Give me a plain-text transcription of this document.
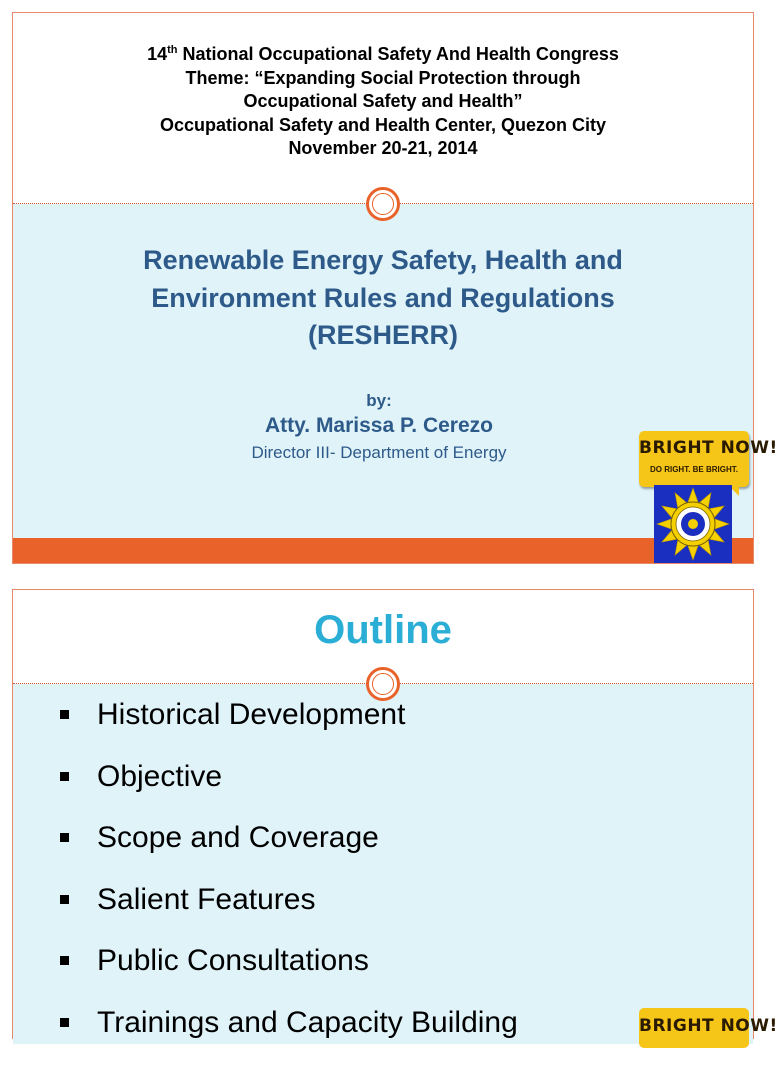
14th National Occupational Safety And Health Congress
Theme: “Expanding Social Protection through
Occupational Safety and Health”
Occupational Safety and Health Center, Quezon City
November 20-21, 2014
Renewable Energy Safety, Health and
Environment Rules and Regulations
(RESHERR)
by:
Atty. Marissa P. Cerezo
Director III- Department of Energy	BRIGHT NOW!
DO RIGHT. BE BRIGHT.
Outline
Historical Development
Objective
Scope and Coverage
Salient Features
Public Consultations
Trainings and Capacity Building	BRIGHT NOW!
